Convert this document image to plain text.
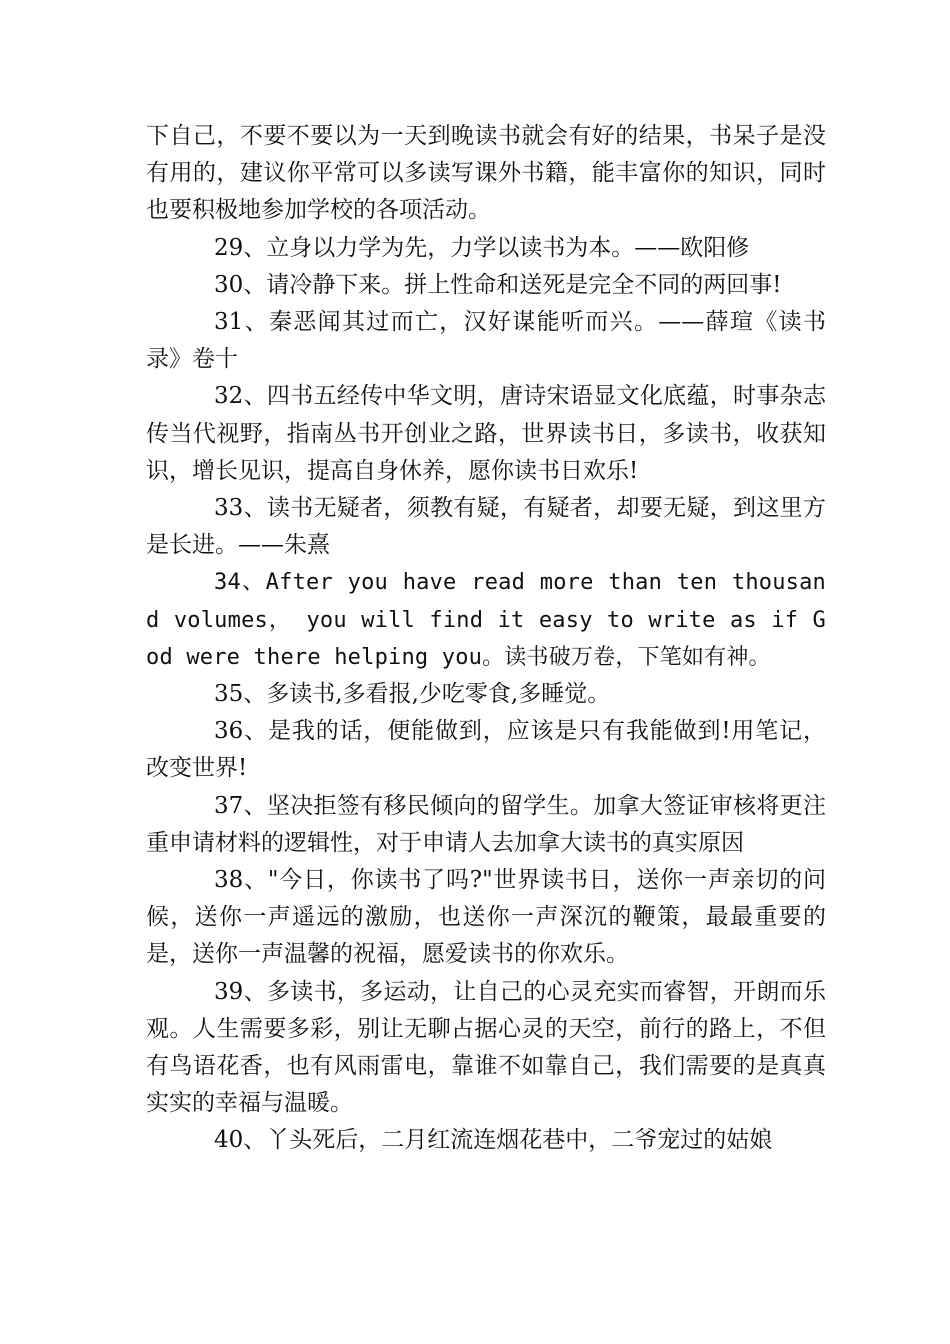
下自己，不要不要以为一天到晚读书就会有好的结果，书呆子是没有用的，建议你平常可以多读写课外书籍，能丰富你的知识，同时也要积极地参加学校的各项活动。

29、立身以力学为先，力学以读书为本。——欧阳修

30、请冷静下来。拼上性命和送死是完全不同的两回事!

31、秦恶闻其过而亡，汉好谋能听而兴。——薛瑄《读书录》卷十

32、四书五经传中华文明，唐诗宋语显文化底蕴，时事杂志传当代视野，指南丛书开创业之路，世界读书日，多读书，收获知识，增长见识，提高自身休养，愿你读书日欢乐!

33、读书无疑者，须教有疑，有疑者，却要无疑，到这里方是长进。——朱熹

34、After you have read more than ten thousand volumes， you will find it easy to write as if God were there helping you。读书破万卷，下笔如有神。

35、多读书,多看报,少吃零食,多睡觉。

36、是我的话，便能做到，应该是只有我能做到!用笔记，改变世界!

37、坚决拒签有移民倾向的留学生。加拿大签证审核将更注重申请材料的逻辑性，对于申请人去加拿大读书的真实原因

38、"今日，你读书了吗?"世界读书日，送你一声亲切的问候，送你一声遥远的激励，也送你一声深沉的鞭策，最最重要的是，送你一声温馨的祝福，愿爱读书的你欢乐。

39、多读书，多运动，让自己的心灵充实而睿智，开朗而乐观。人生需要多彩，别让无聊占据心灵的天空，前行的路上，不但有鸟语花香，也有风雨雷电，靠谁不如靠自己，我们需要的是真真实实的幸福与温暖。

40、丫头死后，二月红流连烟花巷中，二爷宠过的姑娘
